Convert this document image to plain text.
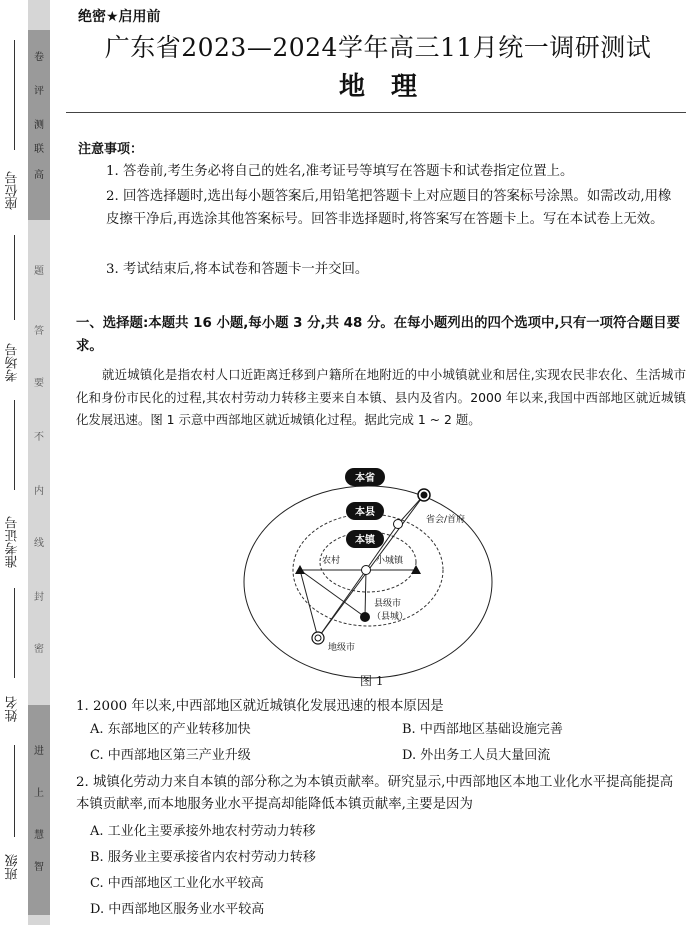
卷
评
测
联
高
题
答
要
不
内
线
封
密
进
上
慧
智
座位号
考场号
准考证号
姓名
班级
绝密★启用前
广东省2023—2024学年高三11月统一调研测试
地理
注意事项：
1. 答卷前,考生务必将自己的姓名,准考证号等填写在答题卡和试卷指定位置上。
2. 回答选择题时,选出每小题答案后,用铅笔把答题卡上对应题目的答案标号涂黑。如需改动,用橡皮擦干净后,再选涂其他答案标号。回答非选择题时,将答案写在答题卡上。写在本试卷上无效。
3. 考试结束后,将本试卷和答题卡一并交回。
一、选择题:本题共 16 小题,每小题 3 分,共 48 分。在每小题列出的四个选项中,只有一项符合题目要求。
就近城镇化是指农村人口近距离迁移到户籍所在地附近的中小城镇就业和居住,实现农民非农化、生活城市化和身份市民化的过程,其农村劳动力转移主要来自本镇、县内及省内。2000 年以来,我国中西部地区就近城镇化发展迅速。图 1 示意中西部地区就近城镇化过程。据此完成 1 ~ 2 题。
本省
本县
本镇
省会/首府
农村	小城镇
县级市
（县城）
地级市
图 1
1. 2000 年以来,中西部地区就近城镇化发展迅速的根本原因是
A. 东部地区的产业转移加快	B. 中西部地区基础设施完善
C. 中西部地区第三产业升级	D. 外出务工人员大量回流
2. 城镇化劳动力来自本镇的部分称之为本镇贡献率。研究显示,中西部地区本地工业化水平提高能提高本镇贡献率,而本地服务业水平提高却能降低本镇贡献率,主要是因为
A. 工业化主要承接外地农村劳动力转移
B. 服务业主要承接省内农村劳动力转移
C. 中西部地区工业化水平较高
D. 中西部地区服务业水平较高
